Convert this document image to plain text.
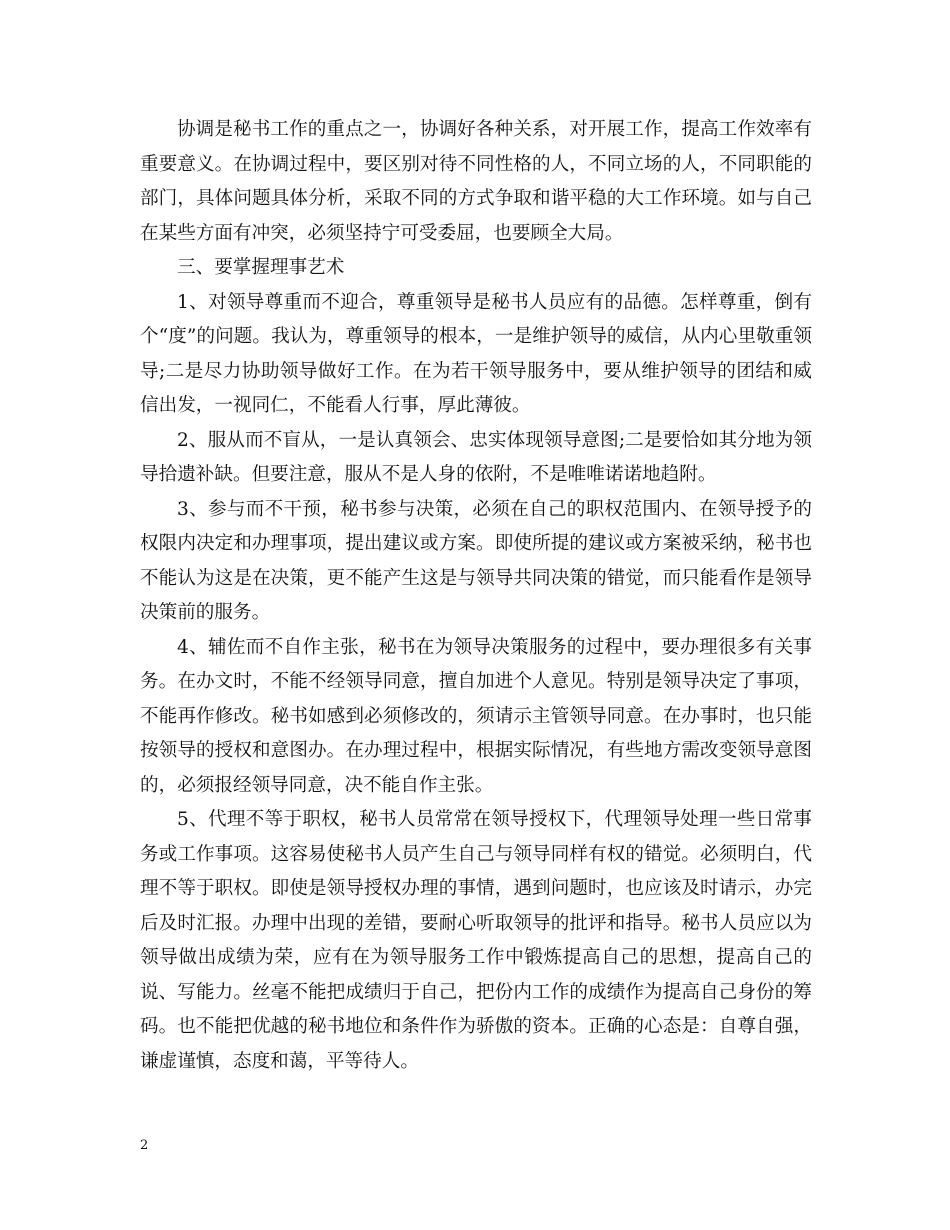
协调是秘书工作的重点之一，协调好各种关系，对开展工作，提高工作效率有重要意义。在协调过程中，要区别对待不同性格的人，不同立场的人，不同职能的部门，具体问题具体分析，采取不同的方式争取和谐平稳的大工作环境。如与自己在某些方面有冲突，必须坚持宁可受委屈，也要顾全大局。

三、要掌握理事艺术

1、对领导尊重而不迎合，尊重领导是秘书人员应有的品德。怎样尊重，倒有个“度”的问题。我认为，尊重领导的根本，一是维护领导的威信，从内心里敬重领导;二是尽力协助领导做好工作。在为若干领导服务中，要从维护领导的团结和威信出发，一视同仁，不能看人行事，厚此薄彼。

2、服从而不盲从，一是认真领会、忠实体现领导意图;二是要恰如其分地为领导拾遗补缺。但要注意，服从不是人身的依附，不是唯唯诺诺地趋附。

3、参与而不干预，秘书参与决策，必须在自己的职权范围内、在领导授予的权限内决定和办理事项，提出建议或方案。即使所提的建议或方案被采纳，秘书也不能认为这是在决策，更不能产生这是与领导共同决策的错觉，而只能看作是领导决策前的服务。

4、辅佐而不自作主张，秘书在为领导决策服务的过程中，要办理很多有关事务。在办文时，不能不经领导同意，擅自加进个人意见。特别是领导决定了事项，不能再作修改。秘书如感到必须修改的，须请示主管领导同意。在办事时，也只能按领导的授权和意图办。在办理过程中，根据实际情况，有些地方需改变领导意图的，必须报经领导同意，决不能自作主张。

5、代理不等于职权，秘书人员常常在领导授权下，代理领导处理一些日常事务或工作事项。这容易使秘书人员产生自己与领导同样有权的错觉。必须明白，代理不等于职权。即使是领导授权办理的事情，遇到问题时，也应该及时请示，办完后及时汇报。办理中出现的差错，要耐心听取领导的批评和指导。秘书人员应以为领导做出成绩为荣，应有在为领导服务工作中锻炼提高自己的思想，提高自己的说、写能力。丝毫不能把成绩归于自己，把份内工作的成绩作为提高自己身份的筹码。也不能把优越的秘书地位和条件作为骄傲的资本。正确的心态是：自尊自强，谦虚谨慎，态度和蔼，平等待人。

2
